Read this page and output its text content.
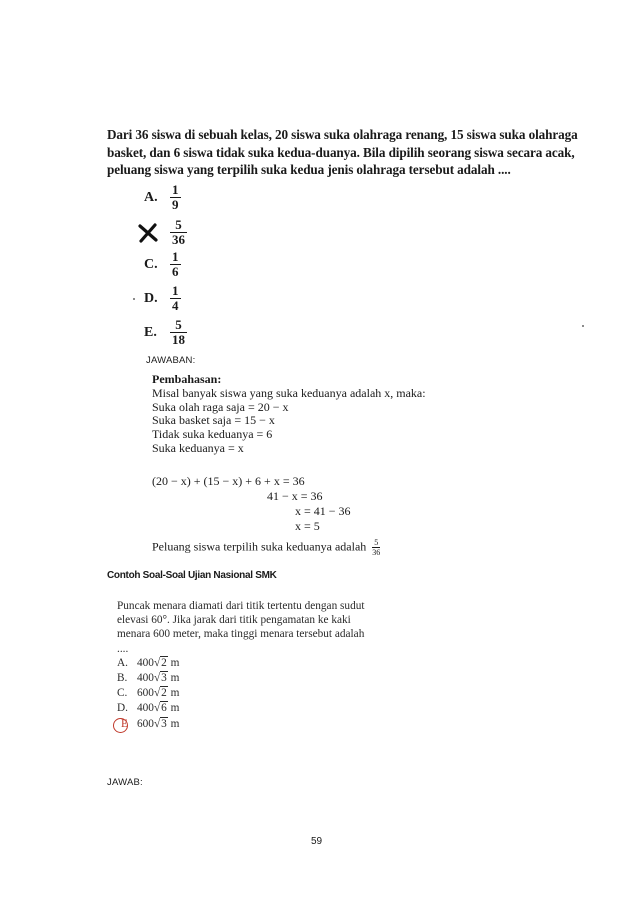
Dari 36 siswa di sebuah kelas, 20 siswa suka olahraga renang, 15 siswa suka olahraga basket, dan 6 siswa tidak suka kedua-duanya. Bila dipilih seorang siswa secara acak, peluang siswa yang terpilih suka kedua jenis olahraga tersebut adalah ....
A. $\frac{1}{9}$
$\frac{5}{36}$
C. $\frac{1}{6}$
D. $\frac{1}{4}$
E.	$\frac{5}{18}$
JAWABAN:
Pembahasan:
Misal banyak siswa yang suka keduanya adalah x, maka:
Suka olah raga saja = 20 − x
Suka basket saja = 15 − x
Tidak suka keduanya = 6
Suka keduanya = x
(20 − x) + (15 − x) + 6 + x = 36
41 − x = 36
x = 41 − 36
x = 5
Peluang siswa terpilih suka keduanya adalah $\frac{5}{36}$
Contoh Soal-Soal Ujian Nasional SMK
Puncak menara diamati dari titik tertentu dengan sudut elevasi 60°. Jika jarak dari titik pengamatan ke kaki menara 600 meter, maka tinggi menara tersebut adalah ....
A. 400√2 m
B. 400√3 m
C. 600√2 m
D. 400√6 m
E 600√3 m
JAWAB:
59
